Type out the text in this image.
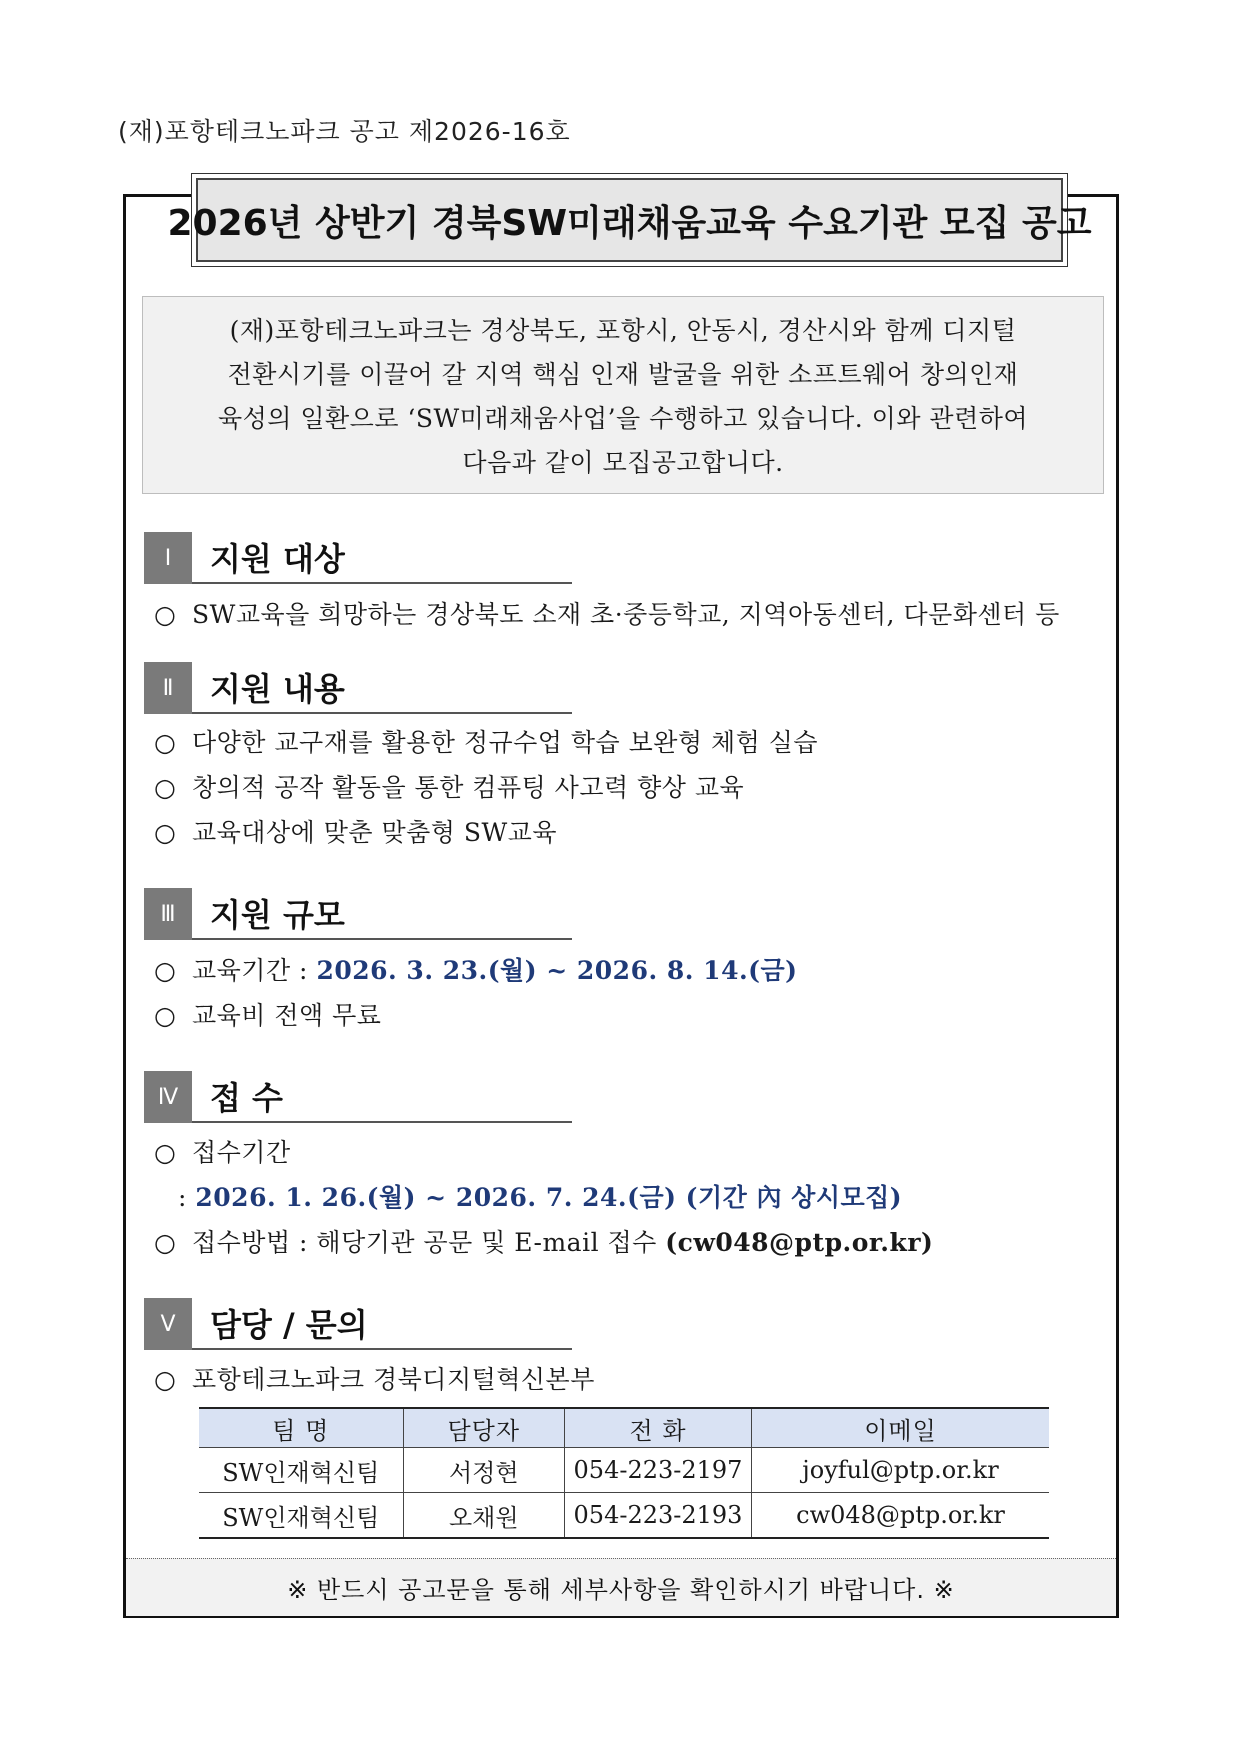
(재)포항테크노파크 공고 제2026-16호
2026년 상반기 경북SW미래채움교육 수요기관 모집 공고
(재)포항테크노파크는 경상북도, 포항시, 안동시, 경산시와 함께 디지털
전환시기를 이끌어 갈 지역 핵심 인재 발굴을 위한 소프트웨어 창의인재
육성의 일환으로 ‘SW미래채움사업’을 수행하고 있습니다. 이와 관련하여
다음과 같이 모집공고합니다.
Ⅰ	지원 대상
○ SW교육을 희망하는 경상북도 소재 초·중등학교, 지역아동센터, 다문화센터 등
Ⅱ	지원 내용
○ 다양한 교구재를 활용한 정규수업 학습 보완형 체험 실습
○ 창의적 공작 활동을 통한 컴퓨팅 사고력 향상 교육
○ 교육대상에 맞춘 맞춤형 SW교육
Ⅲ	지원 규모
○ 교육기간 : 2026. 3. 23.(월) ~ 2026. 8. 14.(금)
○ 교육비 전액 무료
Ⅳ 접 수
○ 접수기간
: 2026. 1. 26.(월) ~ 2026. 7. 24.(금) (기간 內 상시모집)
○ 접수방법 : 해당기관 공문 및 E-mail 접수 (cw048@ptp.or.kr)
Ⅴ	담당 / 문의
○ 포항테크노파크 경북디지털혁신본부
팀 명	담당자	전 화	이메일
SW인재혁신팀	서정현	054-223-2197	joyful@ptp.or.kr
SW인재혁신팀	오채원	054-223-2193	cw048@ptp.or.kr
※ 반드시 공고문을 통해 세부사항을 확인하시기 바랍니다. ※
